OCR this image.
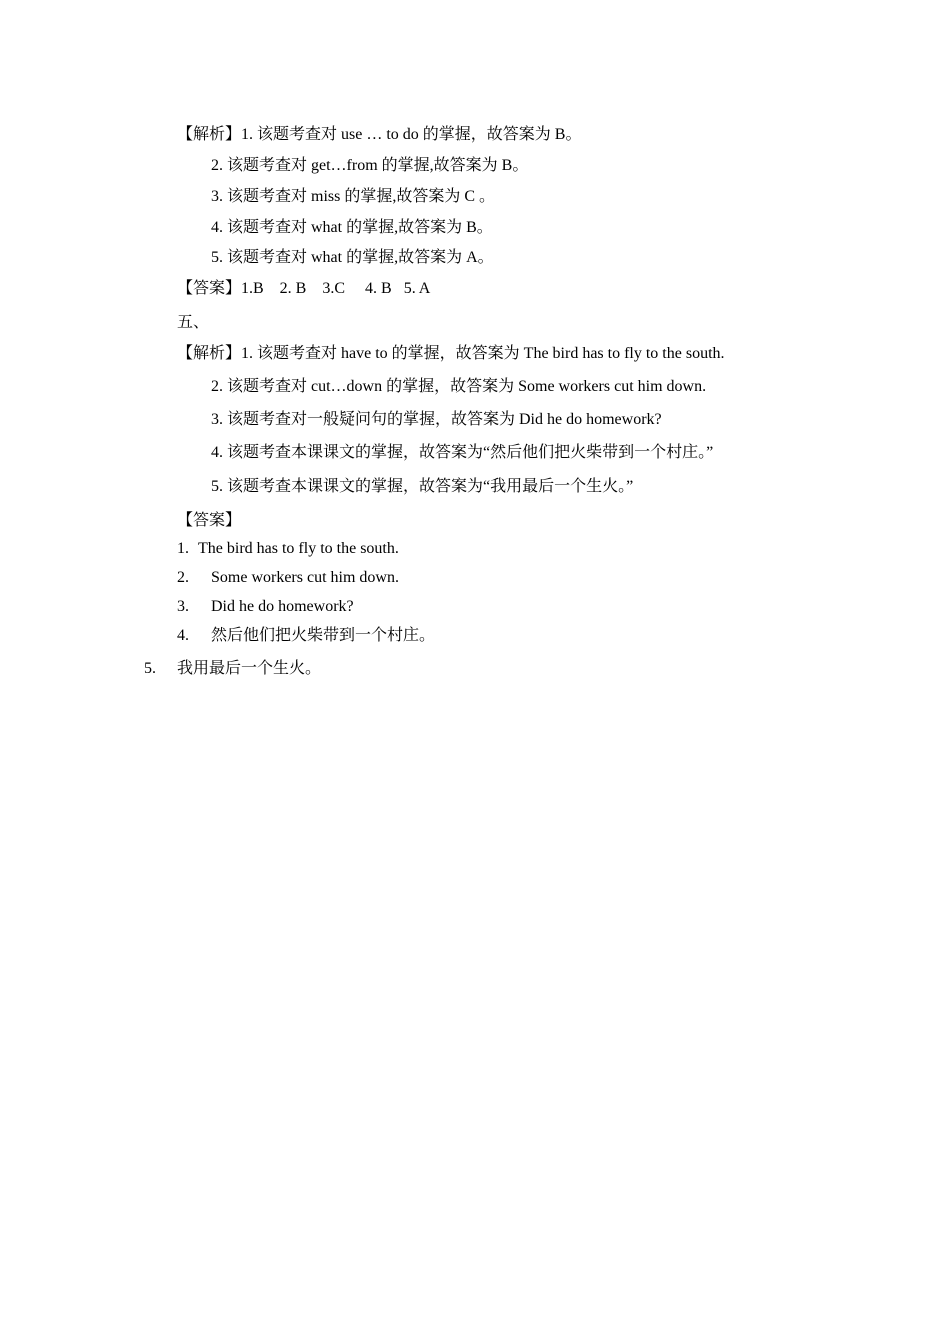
【解析】1. 该题考查对 use … to do 的掌握，故答案为 B。
2. 该题考查对 get…from 的掌握,故答案为 B。
3. 该题考查对 miss 的掌握,故答案为 C 。
4. 该题考查对 what 的掌握,故答案为 B。
5. 该题考查对 what 的掌握,故答案为 A。
【答案】1.B    2. B    3.C     4. B   5. A
五、
【解析】1. 该题考查对 have to 的掌握，故答案为 The bird has to fly to the south.
2. 该题考查对 cut…down 的掌握，故答案为 Some workers cut him down.
3. 该题考查对一般疑问句的掌握，故答案为 Did he do homework?
4. 该题考查本课课文的掌握，故答案为“然后他们把火柴带到一个村庄。”
5. 该题考查本课课文的掌握，故答案为“我用最后一个生火。”
【答案】
1. The bird has to fly to the south.
2. Some workers cut him down.
3. Did he do homework?
4. 然后他们把火柴带到一个村庄。
5. 我用最后一个生火。
